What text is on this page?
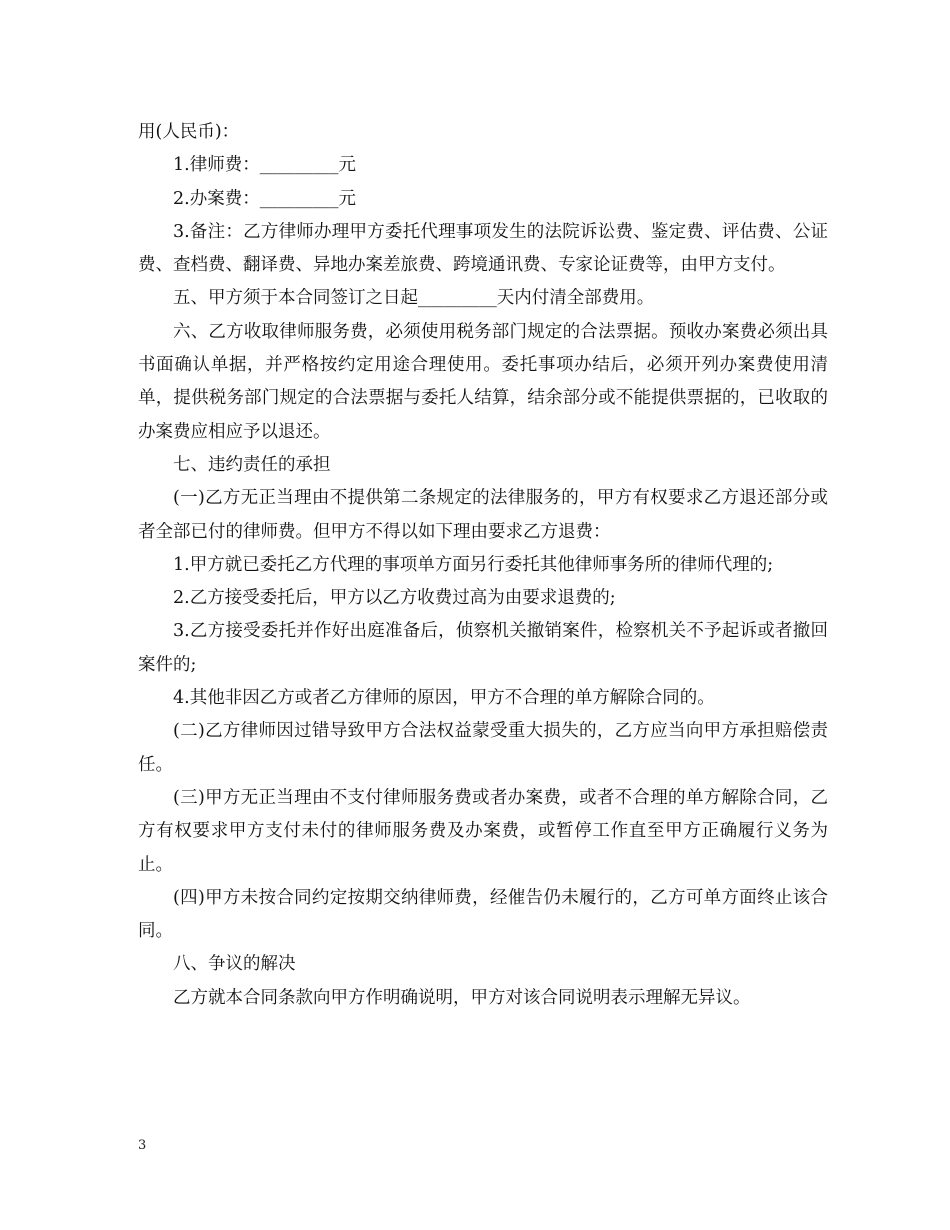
用(人民币)：

1.律师费：_________元

2.办案费：_________元

3.备注：乙方律师办理甲方委托代理事项发生的法院诉讼费、鉴定费、评估费、公证费、查档费、翻译费、异地办案差旅费、跨境通讯费、专家论证费等，由甲方支付。

五、甲方须于本合同签订之日起_________天内付清全部费用。

六、乙方收取律师服务费，必须使用税务部门规定的合法票据。预收办案费必须出具书面确认单据，并严格按约定用途合理使用。委托事项办结后，必须开列办案费使用清单，提供税务部门规定的合法票据与委托人结算，结余部分或不能提供票据的，已收取的办案费应相应予以退还。

七、违约责任的承担

(一)乙方无正当理由不提供第二条规定的法律服务的，甲方有权要求乙方退还部分或者全部已付的律师费。但甲方不得以如下理由要求乙方退费：

1.甲方就已委托乙方代理的事项单方面另行委托其他律师事务所的律师代理的;

2.乙方接受委托后，甲方以乙方收费过高为由要求退费的;

3.乙方接受委托并作好出庭准备后，侦察机关撤销案件，检察机关不予起诉或者撤回案件的;

4.其他非因乙方或者乙方律师的原因，甲方不合理的单方解除合同的。

(二)乙方律师因过错导致甲方合法权益蒙受重大损失的，乙方应当向甲方承担赔偿责任。

(三)甲方无正当理由不支付律师服务费或者办案费，或者不合理的单方解除合同，乙方有权要求甲方支付未付的律师服务费及办案费，或暂停工作直至甲方正确履行义务为止。

(四)甲方未按合同约定按期交纳律师费，经催告仍未履行的，乙方可单方面终止该合同。

八、争议的解决

乙方就本合同条款向甲方作明确说明，甲方对该合同说明表示理解无异议。

3
